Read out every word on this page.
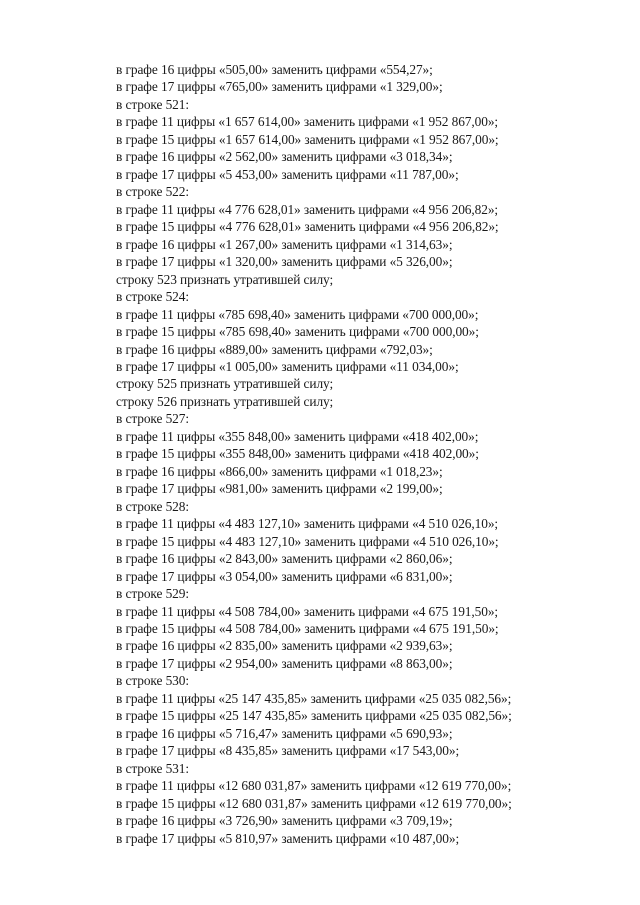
в графе 16 цифры «505,00» заменить цифрами «554,27»;
в графе 17 цифры «765,00» заменить цифрами «1 329,00»;
в строке 521:
в графе 11 цифры «1 657 614,00» заменить цифрами «1 952 867,00»;
в графе 15 цифры «1 657 614,00» заменить цифрами «1 952 867,00»;
в графе 16 цифры «2 562,00» заменить цифрами «3 018,34»;
в графе 17 цифры «5 453,00» заменить цифрами «11 787,00»;
в строке 522:
в графе 11 цифры «4 776 628,01» заменить цифрами «4 956 206,82»;
в графе 15 цифры «4 776 628,01» заменить цифрами «4 956 206,82»;
в графе 16 цифры «1 267,00» заменить цифрами «1 314,63»;
в графе 17 цифры «1 320,00» заменить цифрами «5 326,00»;
строку 523 признать утратившей силу;
в строке 524:
в графе 11 цифры «785 698,40» заменить цифрами «700 000,00»;
в графе 15 цифры «785 698,40» заменить цифрами «700 000,00»;
в графе 16 цифры «889,00» заменить цифрами «792,03»;
в графе 17 цифры «1 005,00» заменить цифрами «11 034,00»;
строку 525 признать утратившей силу;
строку 526 признать утратившей силу;
в строке 527:
в графе 11 цифры «355 848,00» заменить цифрами «418 402,00»;
в графе 15 цифры «355 848,00» заменить цифрами «418 402,00»;
в графе 16 цифры «866,00» заменить цифрами «1 018,23»;
в графе 17 цифры «981,00» заменить цифрами «2 199,00»;
в строке 528:
в графе 11 цифры «4 483 127,10» заменить цифрами «4 510 026,10»;
в графе 15 цифры «4 483 127,10» заменить цифрами «4 510 026,10»;
в графе 16 цифры «2 843,00» заменить цифрами «2 860,06»;
в графе 17 цифры «3 054,00» заменить цифрами «6 831,00»;
в строке 529:
в графе 11 цифры «4 508 784,00» заменить цифрами «4 675 191,50»;
в графе 15 цифры «4 508 784,00» заменить цифрами «4 675 191,50»;
в графе 16 цифры «2 835,00» заменить цифрами «2 939,63»;
в графе 17 цифры «2 954,00» заменить цифрами «8 863,00»;
в строке 530:
в графе 11 цифры «25 147 435,85» заменить цифрами «25 035 082,56»;
в графе 15 цифры «25 147 435,85» заменить цифрами «25 035 082,56»;
в графе 16 цифры «5 716,47» заменить цифрами «5 690,93»;
в графе 17 цифры «8 435,85» заменить цифрами «17 543,00»;
в строке 531:
в графе 11 цифры «12 680 031,87» заменить цифрами «12 619 770,00»;
в графе 15 цифры «12 680 031,87» заменить цифрами «12 619 770,00»;
в графе 16 цифры «3 726,90» заменить цифрами «3 709,19»;
в графе 17 цифры «5 810,97» заменить цифрами «10 487,00»;
